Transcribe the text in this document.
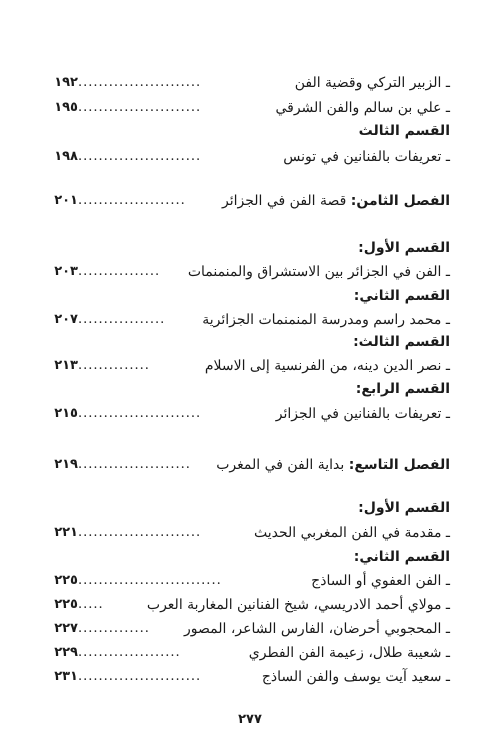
ـ الزبير التركي وقضية الفن
........................
١٩٢
ـ علي بن سالم والفن الشرقي
........................
١٩٥
القسم الثالث
ـ تعريفات بالفنانين في تونس
........................
١٩٨
الفصل الثامن: قصة الفن في الجزائر
.....................
٢٠١
القسم الأول:
ـ الفن في الجزائر بين الاستشراق والمنمنمات
................
٢٠٣
القسم الثاني:
ـ محمد راسم ومدرسة المنمنمات الجزائرية
.................
٢٠٧
القسم الثالث:
ـ نصر الدين دينه، من الفرنسية إلى الاسلام
..............
٢١٣
القسم الرابع:
ـ تعريفات بالفنانين في الجزائر
........................
٢١٥
الفصل التاسع: بداية الفن في المغرب
......................
٢١٩
القسم الأول:
ـ مقدمة في الفن المغربي الحديث
........................
٢٢١
القسم الثاني:
ـ الفن العفوي أو الساذج
............................
٢٢٥
ـ مولاي أحمد الادريسي، شيخ الفنانين المغاربة العرب
.....
٢٢٥
ـ المحجوبي أحرضان، الفارس الشاعر، المصور
..............
٢٢٧
ـ شعيبة طلال، زعيمة الفن الفطري
....................
٢٢٩
ـ سعيد آيت يوسف والفن الساذج
........................
٢٣١
٢٧٧
